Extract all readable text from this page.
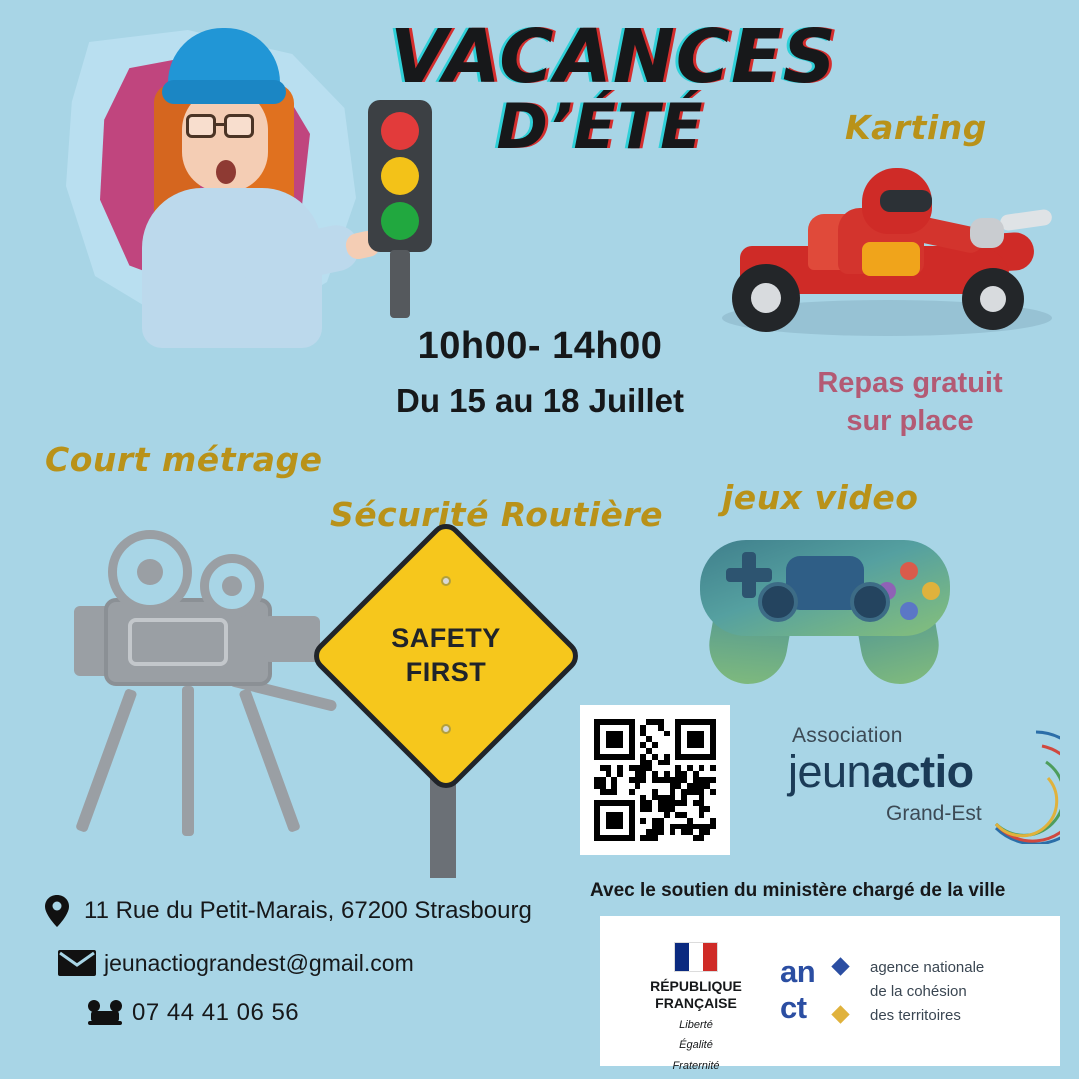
VACANCES
D’ÉTÉ
10h00- 14h00
Du 15 au 18 Juillet
Karting
Repas gratuit
sur place
Court métrage
Sécurité Routière
SAFETY
FIRST
jeux video
Association
jeunactio
Grand-Est
Avec le soutien du ministère chargé de la ville
RÉPUBLIQUE
FRANÇAISE
Liberté
Égalité
Fraternité
an
ct
agence nationale
de la cohésion
des territoires
11 Rue du Petit-Marais, 67200 Strasbourg
jeunactiograndest@gmail.com
07 44 41 06 56
